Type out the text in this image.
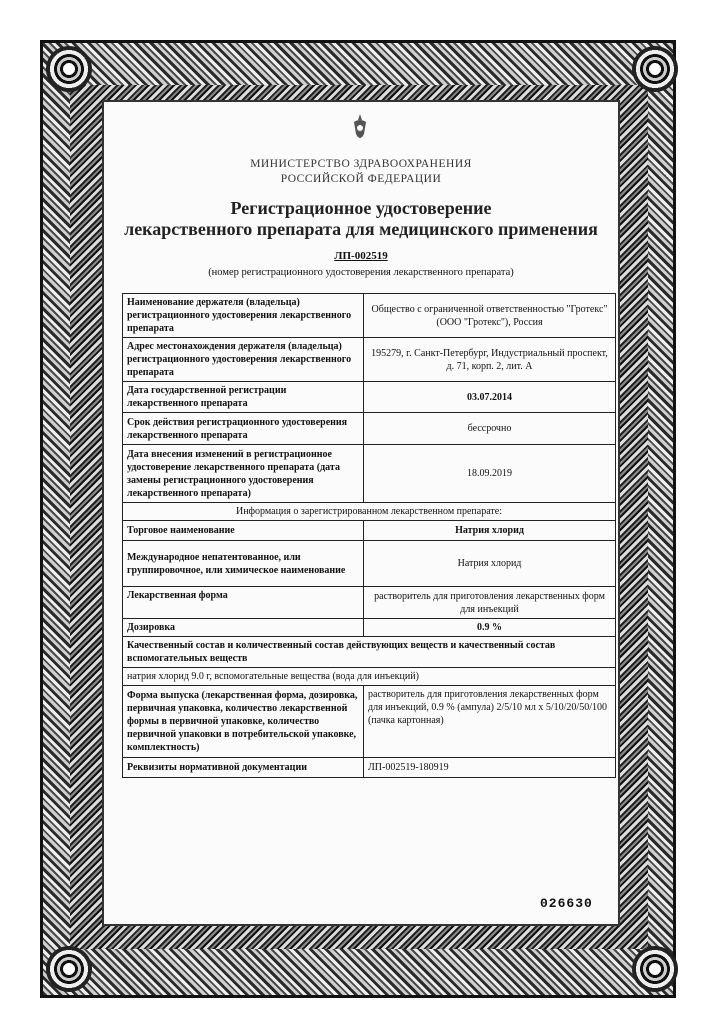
МИНИСТЕРСТВО ЗДРАВООХРАНЕНИЯ
РОССИЙСКОЙ ФЕДЕРАЦИИ
Регистрационное удостоверение
лекарственного препарата для медицинского применения
ЛП-002519
(номер регистрационного удостоверения лекарственного препарата)
Наименование держателя (владельца) регистрационного удостоверения лекарственного препарата	Общество с ограниченной ответственностью "Гротекс" (ООО "Гротекс"), Россия
Адрес местонахождения держателя (владельца) регистрационного удостоверения лекарственного препарата	195279, г. Санкт-Петербург, Индустриальный проспект, д. 71, корп. 2, лит. А
Дата государственной регистрации лекарственного препарата	03.07.2014
Срок действия регистрационного удостоверения лекарственного препарата	бессрочно
Дата внесения изменений в регистрационное удостоверение лекарственного препарата (дата замены регистрационного удостоверения лекарственного препарата)	18.09.2019
Информация о зарегистрированном лекарственном препарате:	
Торговое наименование	Натрия хлорид
Международное непатентованное, или группировочное, или химическое наименование	Натрия хлорид
Лекарственная форма	растворитель для приготовления лекарственных форм для инъекций
Дозировка	0.9 %
Качественный состав и количественный состав действующих веществ и качественный состав вспомогательных веществ	
натрия хлорид 9.0 г, вспомогательные вещества (вода для инъекций)	
Форма выпуска (лекарственная форма, дозировка, первичная упаковка, количество лекарственной формы в первичной упаковке, количество первичной упаковки в потребительской упаковке, комплектность)	растворитель для приготовления лекарственных форм для инъекций, 0.9 % (ампула) 2/5/10 мл x 5/10/20/50/100 (пачка картонная)
Реквизиты нормативной документации	ЛП-002519-180919
026630
